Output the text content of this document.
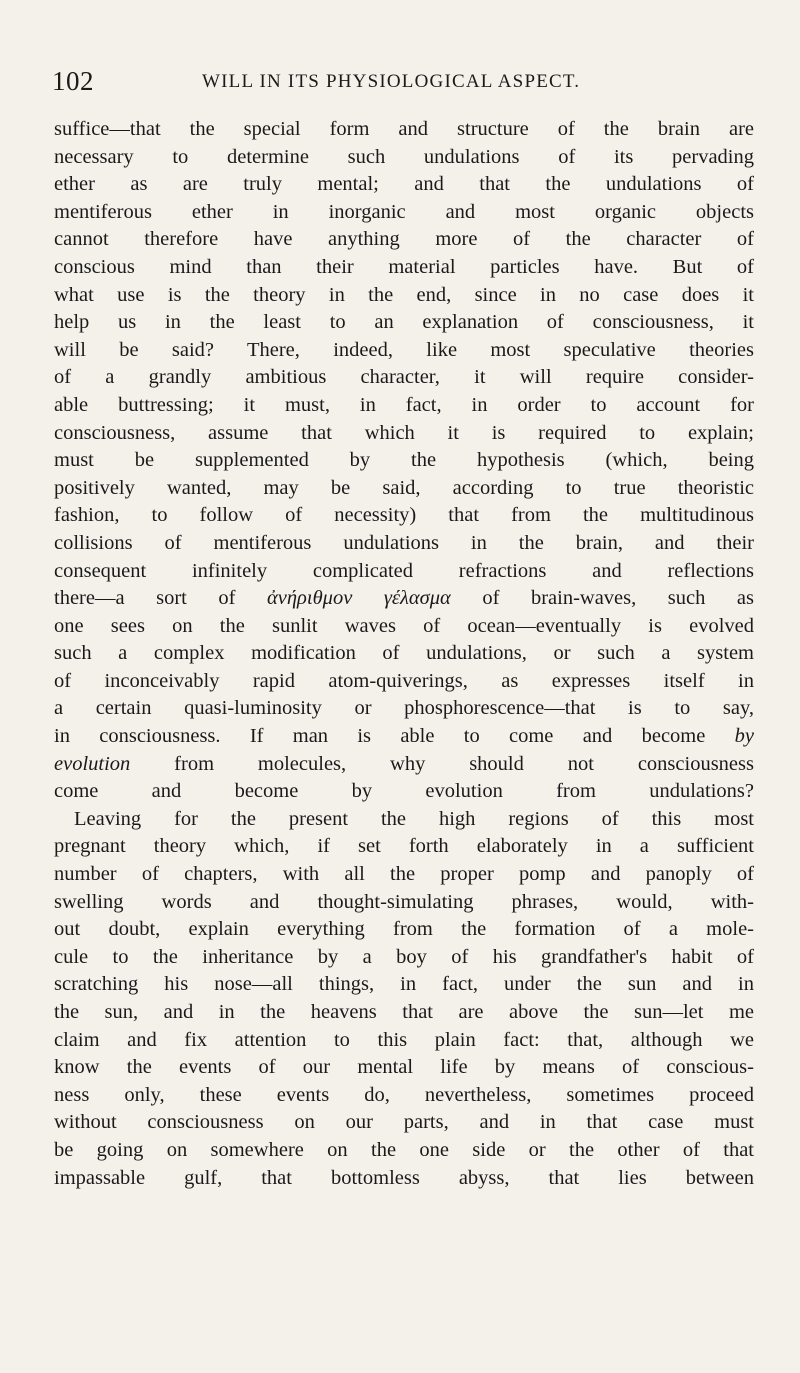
102	WILL IN ITS PHYSIOLOGICAL ASPECT.
suffice—that the special form and structure of the brain are
necessary to determine such undulations of its pervading
ether as are truly mental; and that the undulations of
mentiferous ether in inorganic and most organic objects
cannot therefore have anything more of the character of
conscious mind than their material particles have. But of
what use is the theory in the end, since in no case does it
help us in the least to an explanation of consciousness, it
will be said? There, indeed, like most speculative theories
of a grandly ambitious character, it will require consider-
able buttressing; it must, in fact, in order to account for
consciousness, assume that which it is required to explain;
must be supplemented by the hypothesis (which, being
positively wanted, may be said, according to true theoristic
fashion, to follow of necessity) that from the multitudinous
collisions of mentiferous undulations in the brain, and their
consequent infinitely complicated refractions and reflections
there—a sort of ἀνήριθμον γέλασμα of brain-waves, such as
one sees on the sunlit waves of ocean—eventually is evolved
such a complex modification of undulations, or such a system
of inconceivably rapid atom-quiverings, as expresses itself in
a certain quasi-luminosity or phosphorescence—that is to say,
in consciousness. If man is able to come and become by
evolution from molecules, why should not consciousness
come and become by evolution from undulations?
Leaving for the present the high regions of this most
pregnant theory which, if set forth elaborately in a sufficient
number of chapters, with all the proper pomp and panoply of
swelling words and thought-simulating phrases, would, with-
out doubt, explain everything from the formation of a mole-
cule to the inheritance by a boy of his grandfather's habit of
scratching his nose—all things, in fact, under the sun and in
the sun, and in the heavens that are above the sun—let me
claim and fix attention to this plain fact: that, although we
know the events of our mental life by means of conscious-
ness only, these events do, nevertheless, sometimes proceed
without consciousness on our parts, and in that case must
be going on somewhere on the one side or the other of that
impassable gulf, that bottomless abyss, that lies between
